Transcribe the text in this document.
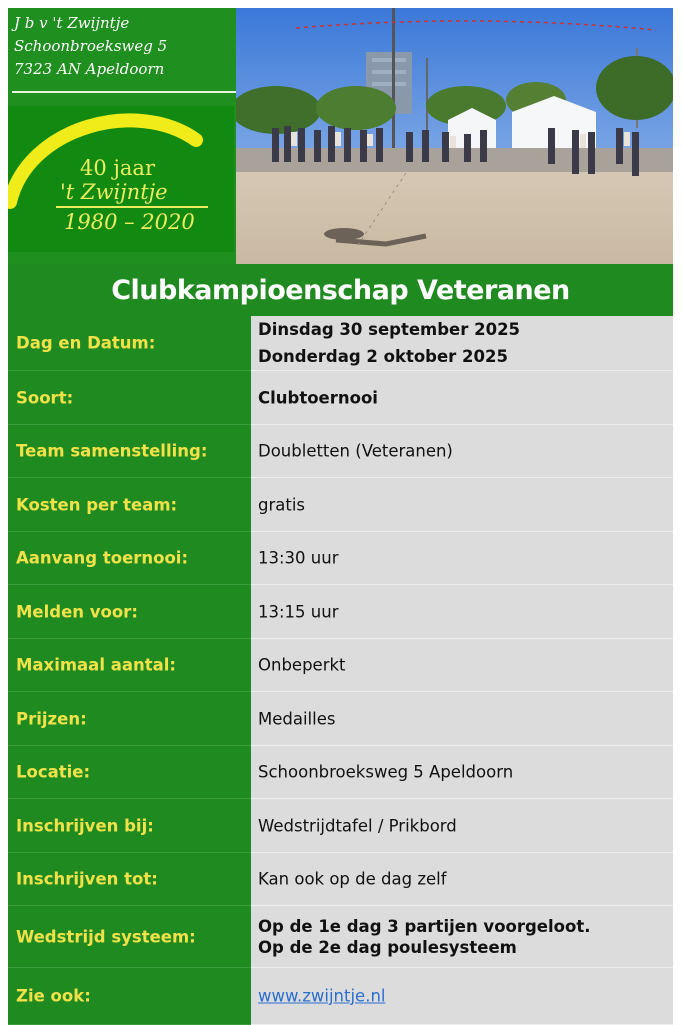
J b v 't Zwijntje
Schoonbroeksweg 5
7323 AN Apeldoorn
40 jaar
't Zwijntje
1980 – 2020
Clubkampioenschap Veteranen
Dag en Datum:
Dinsdag 30 september 2025
Donderdag 2 oktober 2025
Soort:	Clubtoernooi
Team samenstelling:	Doubletten (Veteranen)
Kosten per team:	gratis
Aanvang toernooi:	13:30 uur
Melden voor:	13:15 uur
Maximaal aantal:	Onbeperkt
Prijzen:	Medailles
Locatie:	Schoonbroeksweg 5 Apeldoorn
Inschrijven bij:	Wedstrijdtafel / Prikbord
Inschrijven tot:	Kan ook op de dag zelf
Wedstrijd systeem:
Op de 1e dag 3 partijen voorgeloot.
Op de 2e dag poulesysteem
Zie ook:	www.zwijntje.nl
